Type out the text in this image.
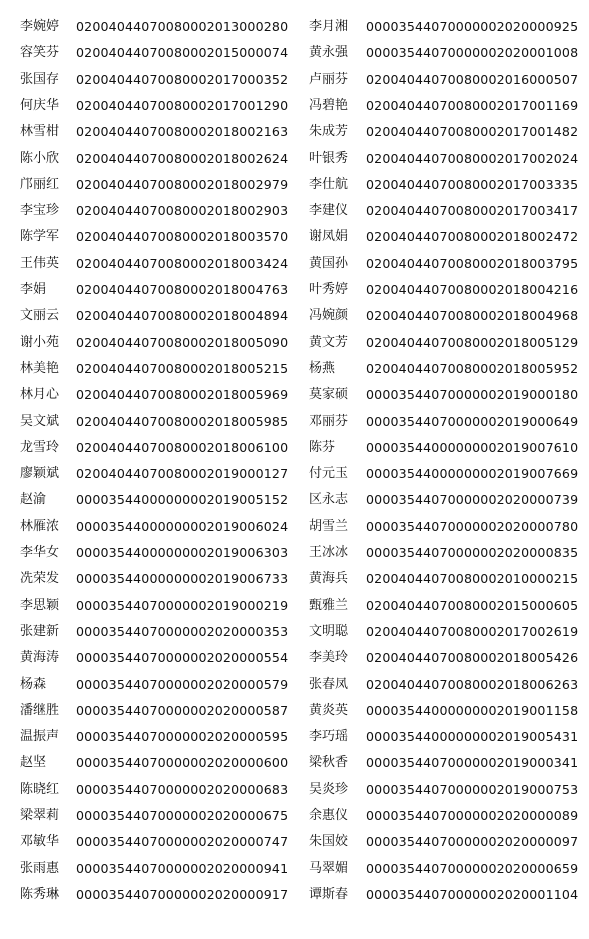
李婉婷 02004044070080002013000280 李月湘 00003544070000002020000925
容笑芬 02004044070080002015000074 黄永强 00003544070000002020001008
张国存 02004044070080002017000352 卢丽芬 02004044070080002016000507
何庆华 02004044070080002017001290 冯碧艳 02004044070080002017001169
林雪柑 02004044070080002018002163 朱成芳 02004044070080002017001482
陈小欣 02004044070080002018002624 叶银秀 02004044070080002017002024
邝丽红 02004044070080002018002979 李仕航 02004044070080002017003335
李宝珍 02004044070080002018002903 李建仪 02004044070080002017003417
陈学军 02004044070080002018003570 谢凤娟 02004044070080002018002472
王伟英 02004044070080002018003424 黄国孙 02004044070080002018003795
李娟 02004044070080002018004763 叶秀婷 02004044070080002018004216
文丽云 02004044070080002018004894 冯婉颜 02004044070080002018004968
谢小苑 02004044070080002018005090 黄文芳 02004044070080002018005129
林美艳 02004044070080002018005215 杨燕 02004044070080002018005952
林月心 02004044070080002018005969 莫家硕 00003544070000002019000180
吴文斌 02004044070080002018005985 邓丽芬 00003544070000002019000649
龙雪玲 02004044070080002018006100 陈芬 00003544000000002019007610
廖颖斌 02004044070080002019000127 付元玉 00003544000000002019007669
赵渝 00003544000000002019005152 区永志 00003544070000002020000739
林雁浓 00003544000000002019006024 胡雪兰 00003544070000002020000780
李华女 00003544000000002019006303 王冰冰 00003544070000002020000835
冼荣发 00003544000000002019006733 黄海兵 02004044070080002010000215
李思颖 00003544070000002019000219 甄雅兰 02004044070080002015000605
张建新 00003544070000002020000353 文明聪 02004044070080002017002619
黄海涛 00003544070000002020000554 李美玲 02004044070080002018005426
杨森 00003544070000002020000579 张春凤 02004044070080002018006263
潘继胜 00003544070000002020000587 黄炎英 00003544000000002019001158
温振声 00003544070000002020000595 李巧瑶 00003544000000002019005431
赵坚 00003544070000002020000600 梁秋香 00003544070000002019000341
陈晓红 00003544070000002020000683 吴炎珍 00003544070000002019000753
梁翠莉 00003544070000002020000675 余惠仪 00003544070000002020000089
邓敏华 00003544070000002020000747 朱国姣 00003544070000002020000097
张雨惠 00003544070000002020000941 马翠媚 00003544070000002020000659
陈秀琳 00003544070000002020000917 谭斯春 00003544070000002020001104
